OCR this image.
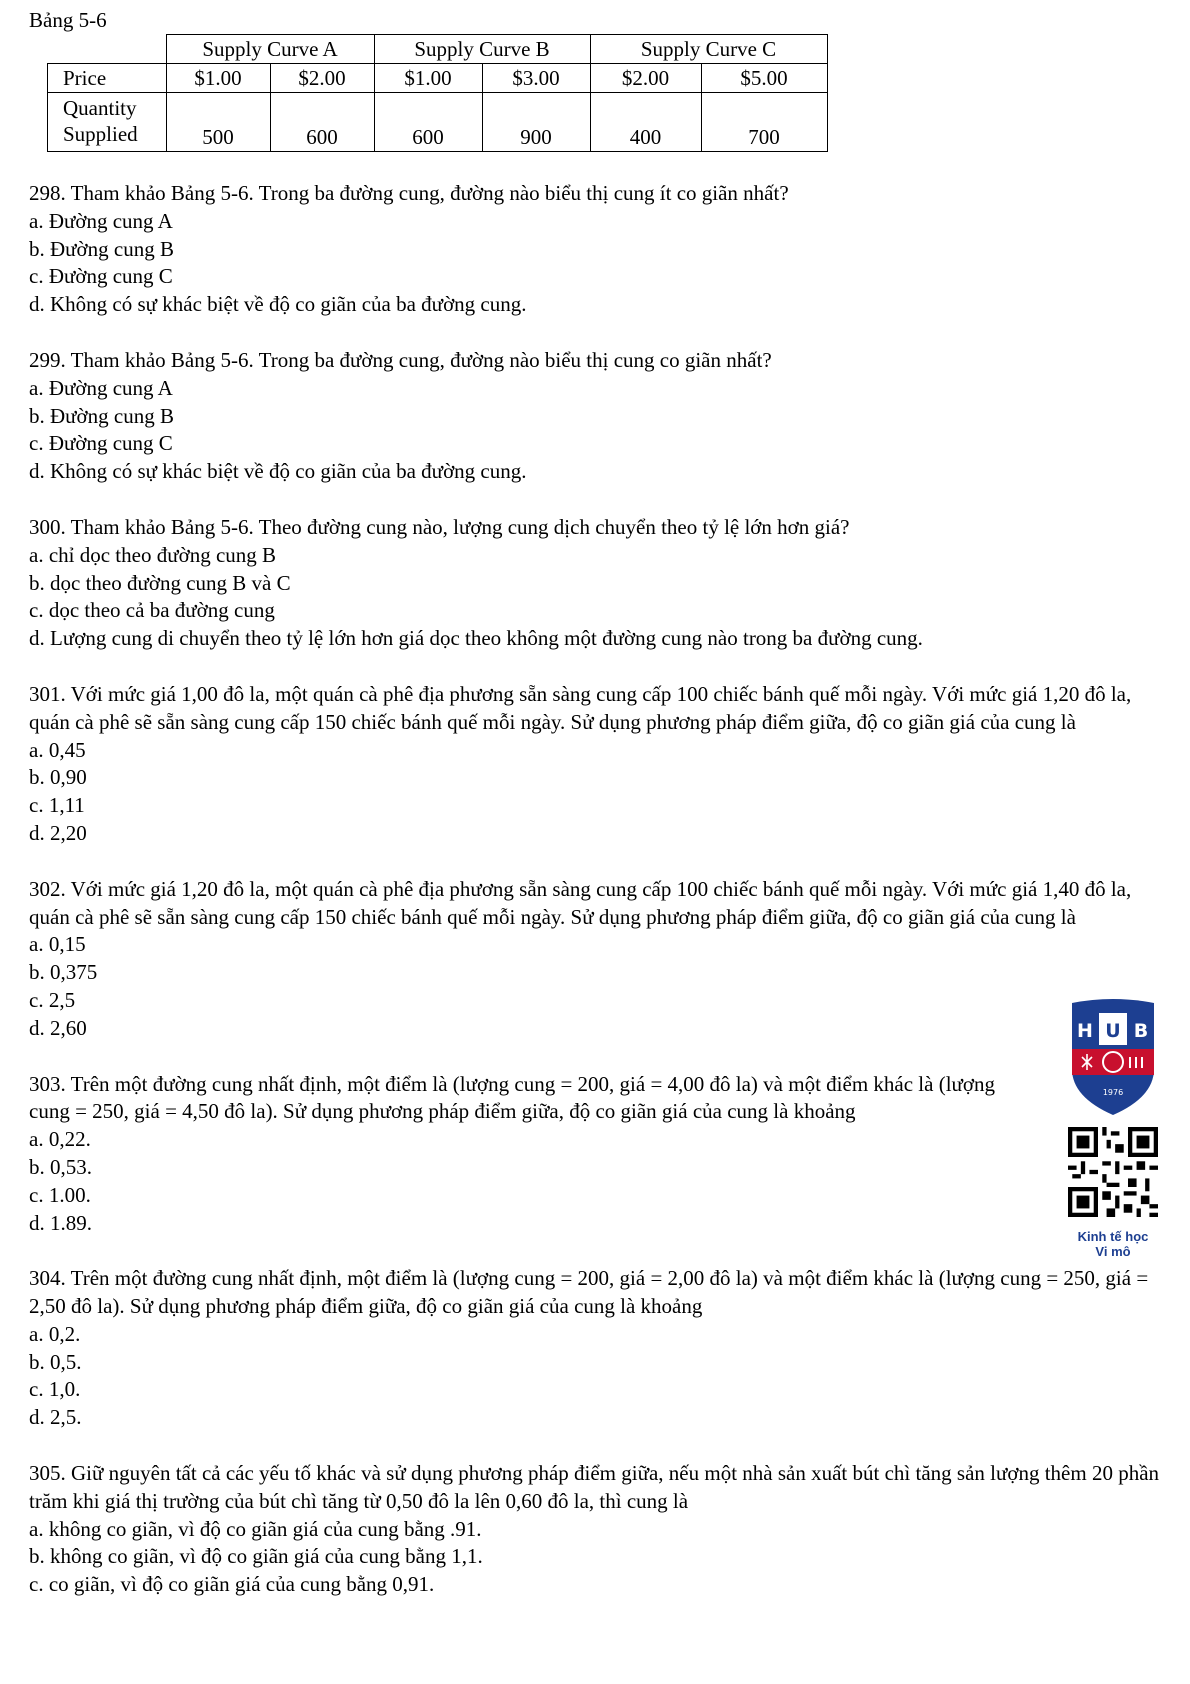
Bảng 5-6
	Supply Curve A		Supply Curve B		Supply Curve C	
Price	$1.00	$2.00	$1.00	$3.00	$2.00	$5.00
Quantity
Supplied	500	600	600	900	400	700

298. Tham khảo Bảng 5-6. Trong ba đường cung, đường nào biểu thị cung ít co giãn nhất?

a. Đường cung A

b. Đường cung B

c. Đường cung C

d. Không có sự khác biệt về độ co giãn của ba đường cung.

299. Tham khảo Bảng 5-6. Trong ba đường cung, đường nào biểu thị cung co giãn nhất?

a. Đường cung A

b. Đường cung B

c. Đường cung C

d. Không có sự khác biệt về độ co giãn của ba đường cung.

300. Tham khảo Bảng 5-6. Theo đường cung nào, lượng cung dịch chuyển theo tỷ lệ lớn hơn giá?

a. chỉ dọc theo đường cung B

b. dọc theo đường cung B và C

c. dọc theo cả ba đường cung

d. Lượng cung di chuyển theo tỷ lệ lớn hơn giá dọc theo không một đường cung nào trong ba đường cung.

301. Với mức giá 1,00 đô la, một quán cà phê địa phương sẵn sàng cung cấp 100 chiếc bánh quế mỗi ngày. Với mức giá 1,20 đô la, quán cà phê sẽ sẵn sàng cung cấp 150 chiếc bánh quế mỗi ngày. Sử dụng phương pháp điểm giữa, độ co giãn giá của cung là

a. 0,45

b. 0,90

c. 1,11

d. 2,20

302. Với mức giá 1,20 đô la, một quán cà phê địa phương sẵn sàng cung cấp 100 chiếc bánh quế mỗi ngày. Với mức giá 1,40 đô la, quán cà phê sẽ sẵn sàng cung cấp 150 chiếc bánh quế mỗi ngày. Sử dụng phương pháp điểm giữa, độ co giãn giá của cung là

a. 0,15

b. 0,375

c. 2,5

d. 2,60

303. Trên một đường cung nhất định, một điểm là (lượng cung = 200, giá = 4,00 đô la) và một điểm khác là (lượng cung = 250, giá = 4,50 đô la). Sử dụng phương pháp điểm giữa, độ co giãn giá của cung là khoảng

a. 0,22.

b. 0,53.

c. 1.00.

d. 1.89.

304. Trên một đường cung nhất định, một điểm là (lượng cung = 200, giá = 2,00 đô la) và một điểm khác là (lượng cung = 250, giá = 2,50 đô la). Sử dụng phương pháp điểm giữa, độ co giãn giá của cung là khoảng

a. 0,2.

b. 0,5.

c. 1,0.

d. 2,5.

305. Giữ nguyên tất cả các yếu tố khác và sử dụng phương pháp điểm giữa, nếu một nhà sản xuất bút chì tăng sản lượng thêm 20 phần trăm khi giá thị trường của bút chì tăng từ 0,50 đô la lên 0,60 đô la, thì cung là

a. không co giãn, vì độ co giãn giá của cung bằng .91.

b. không co giãn, vì độ co giãn giá của cung bằng 1,1.

c. co giãn, vì độ co giãn giá của cung bằng 0,91.

H U B
1976
Kinh tế học
Vi mô
